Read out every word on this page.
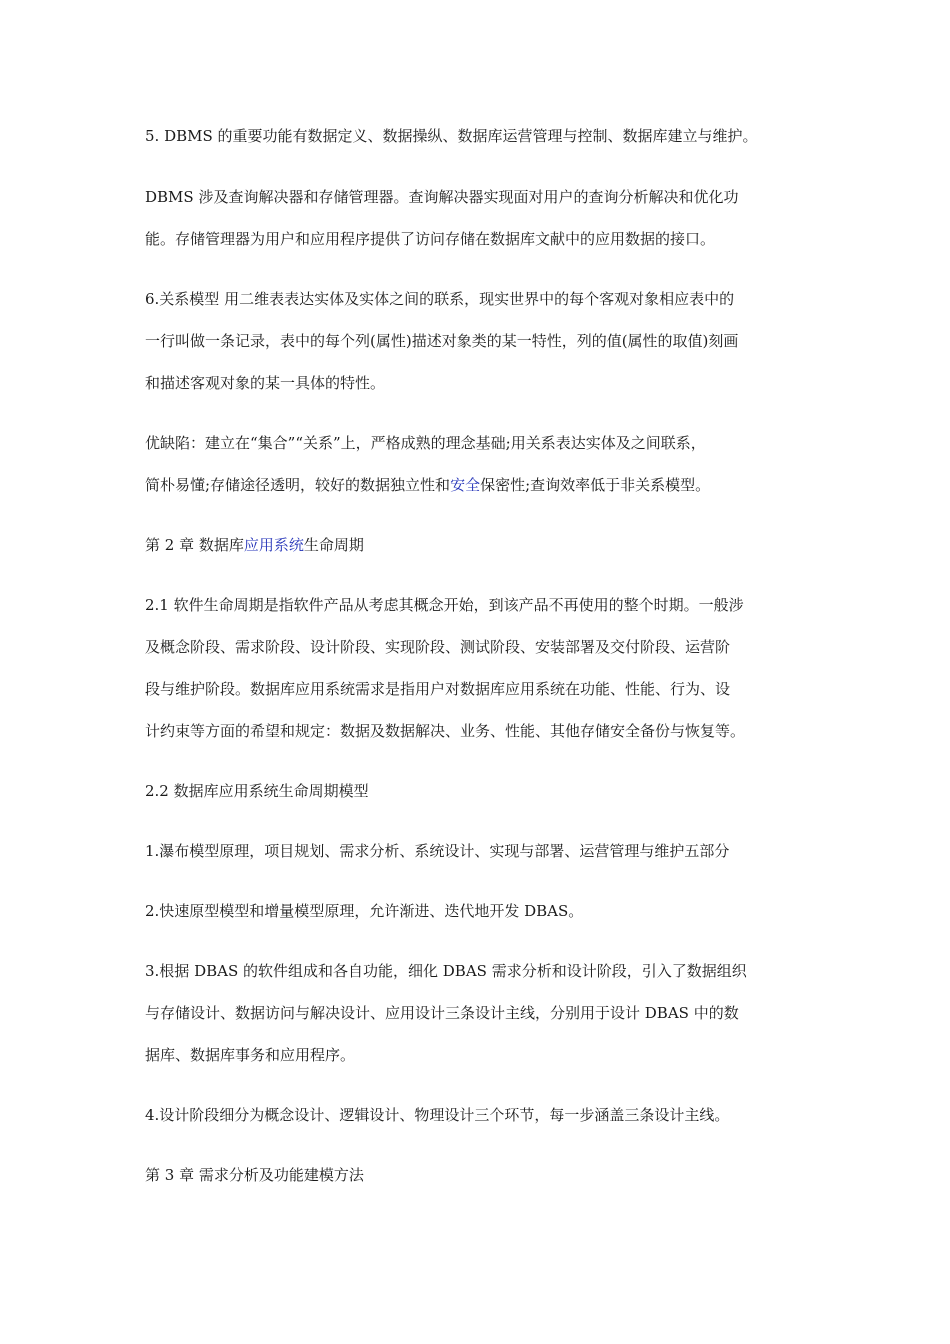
5. DBMS 的重要功能有数据定义、数据操纵、数据库运营管理与控制、数据库建立与维护。
DBMS 涉及查询解决器和存储管理器。查询解决器实现面对用户的查询分析解决和优化功
能。存储管理器为用户和应用程序提供了访问存储在数据库文献中的应用数据的接口。
6.关系模型 用二维表表达实体及实体之间的联系，现实世界中的每个客观对象相应表中的
一行叫做一条记录，表中的每个列(属性)描述对象类的某一特性，列的值(属性的取值)刻画
和描述客观对象的某一具体的特性。
优缺陷：建立在“集合”“关系”上，严格成熟的理念基础;用关系表达实体及之间联系，
简朴易懂;存储途径透明，较好的数据独立性和安全保密性;查询效率低于非关系模型。
第 2 章 数据库应用系统生命周期
2.1 软件生命周期是指软件产品从考虑其概念开始，到该产品不再使用的整个时期。一般涉
及概念阶段、需求阶段、设计阶段、实现阶段、测试阶段、安装部署及交付阶段、运营阶
段与维护阶段。数据库应用系统需求是指用户对数据库应用系统在功能、性能、行为、设
计约束等方面的希望和规定：数据及数据解决、业务、性能、其他存储安全备份与恢复等。
2.2 数据库应用系统生命周期模型
1.瀑布模型原理，项目规划、需求分析、系统设计、实现与部署、运营管理与维护五部分
2.快速原型模型和增量模型原理，允许渐进、迭代地开发 DBAS。
3.根据 DBAS 的软件组成和各自功能，细化 DBAS 需求分析和设计阶段，引入了数据组织
与存储设计、数据访问与解决设计、应用设计三条设计主线，分别用于设计 DBAS 中的数
据库、数据库事务和应用程序。
4.设计阶段细分为概念设计、逻辑设计、物理设计三个环节，每一步涵盖三条设计主线。
第 3 章 需求分析及功能建模方法
